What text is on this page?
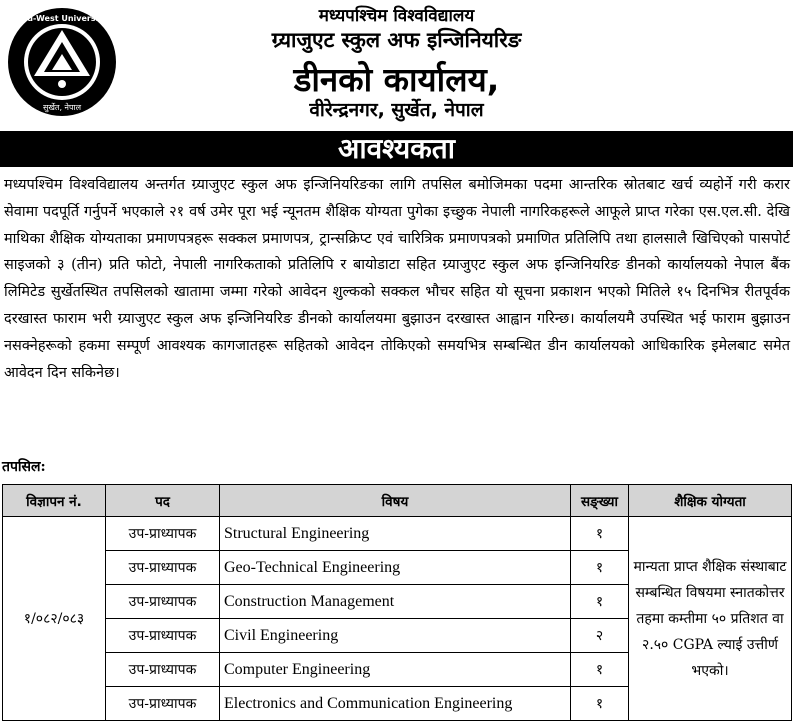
Mid-West University
सुर्खेत, नेपाल
मध्यपश्चिम विश्वविद्यालय
ग्र्याजुएट स्कुल अफ इन्जिनियरिङ
डीनको कार्यालय,
वीरेन्द्रनगर, सुर्खेत, नेपाल
आवश्यकता

मध्यपश्चिम विश्वविद्यालय अन्तर्गत ग्र्याजुएट स्कुल अफ इन्जिनियरिङका लागि तपसिल बमोजिमका पदमा आन्तरिक स्रोतबाट खर्च व्यहोर्ने गरी करार सेवामा पदपूर्ति गर्नुपर्ने भएकाले २१ वर्ष उमेर पूरा भई न्यूनतम शैक्षिक योग्यता पुगेका इच्छुक नेपाली नागरिकहरूले आफूले प्राप्त गरेका एस.एल.सी. देखि माथिका शैक्षिक योग्यताका प्रमाणपत्रहरू सक्कल प्रमाणपत्र, ट्रान्सक्रिप्ट एवं चारित्रिक प्रमाणपत्रको प्रमाणित प्रतिलिपि तथा हालसालै खिचिएको पासपोर्ट साइजको ३ (तीन) प्रति फोटो, नेपाली नागरिकताको प्रतिलिपि र बायोडाटा सहित ग्र्याजुएट स्कुल अफ इन्जिनियरिङ डीनको कार्यालयको नेपाल बैंक लिमिटेड सुर्खेतस्थित तपसिलको खातामा जम्मा गरेको आवेदन शुल्कको सक्कल भौचर सहित यो सूचना प्रकाशन भएको मितिले १५ दिनभित्र रीतपूर्वक दरखास्त फाराम भरी ग्र्याजुएट स्कुल अफ इन्जिनियरिङ डीनको कार्यालयमा बुझाउन दरखास्त आह्वान गरिन्छ। कार्यालयमै उपस्थित भई फाराम बुझाउन नसक्नेहरूको हकमा सम्पूर्ण आवश्यक कागजातहरू सहितको आवेदन तोकिएको समयभित्र सम्बन्धित डीन कार्यालयको आधिकारिक इमेलबाट समेत आवेदन दिन सकिनेछ।

तपसिल:
विज्ञापन नं.	पद	विषय	सङ्ख्या	शैक्षिक योग्यता
१/०८२/०८३	उप-प्राध्यापक	Structural Engineering	१	मान्यता प्राप्त शैक्षिक संस्थाबाट सम्बन्धित विषयमा स्नातकोत्तर तहमा कम्तीमा ५० प्रतिशत वा २.५० CGPA ल्याई उत्तीर्ण भएको।
	उप-प्राध्यापक	Geo-Technical Engineering	१	
	उप-प्राध्यापक	Construction Management	१	
	उप-प्राध्यापक	Civil Engineering	२	
	उप-प्राध्यापक	Computer Engineering	१	
	उप-प्राध्यापक	Electronics and Communication Engineering	१	
